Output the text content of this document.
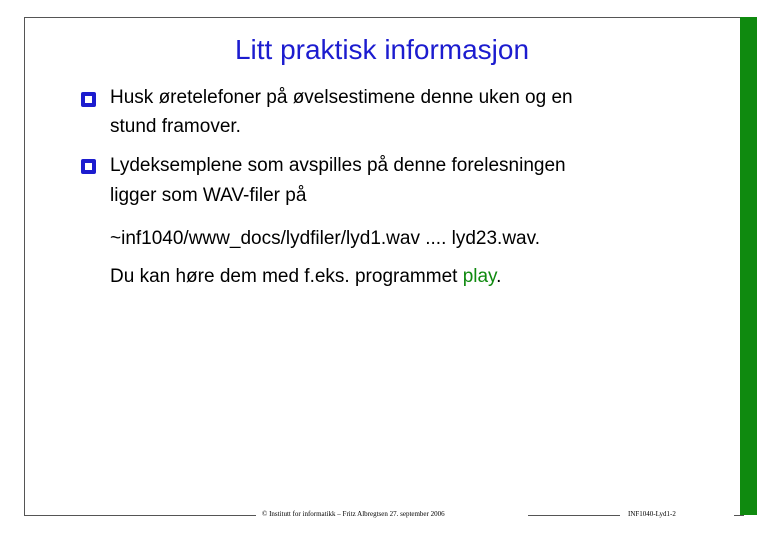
Litt praktisk informasjon
Husk øretelefoner på øvelsestimene denne uken og en
stund framover.
Lydeksemplene som avspilles på denne forelesningen
ligger som WAV-filer på
~inf1040/www_docs/lydfiler/lyd1.wav .... lyd23.wav.
Du kan høre dem med f.eks. programmet play.
© Institutt for informatikk – Fritz Albregtsen 27. september 2006	INF1040-Lyd1-2
